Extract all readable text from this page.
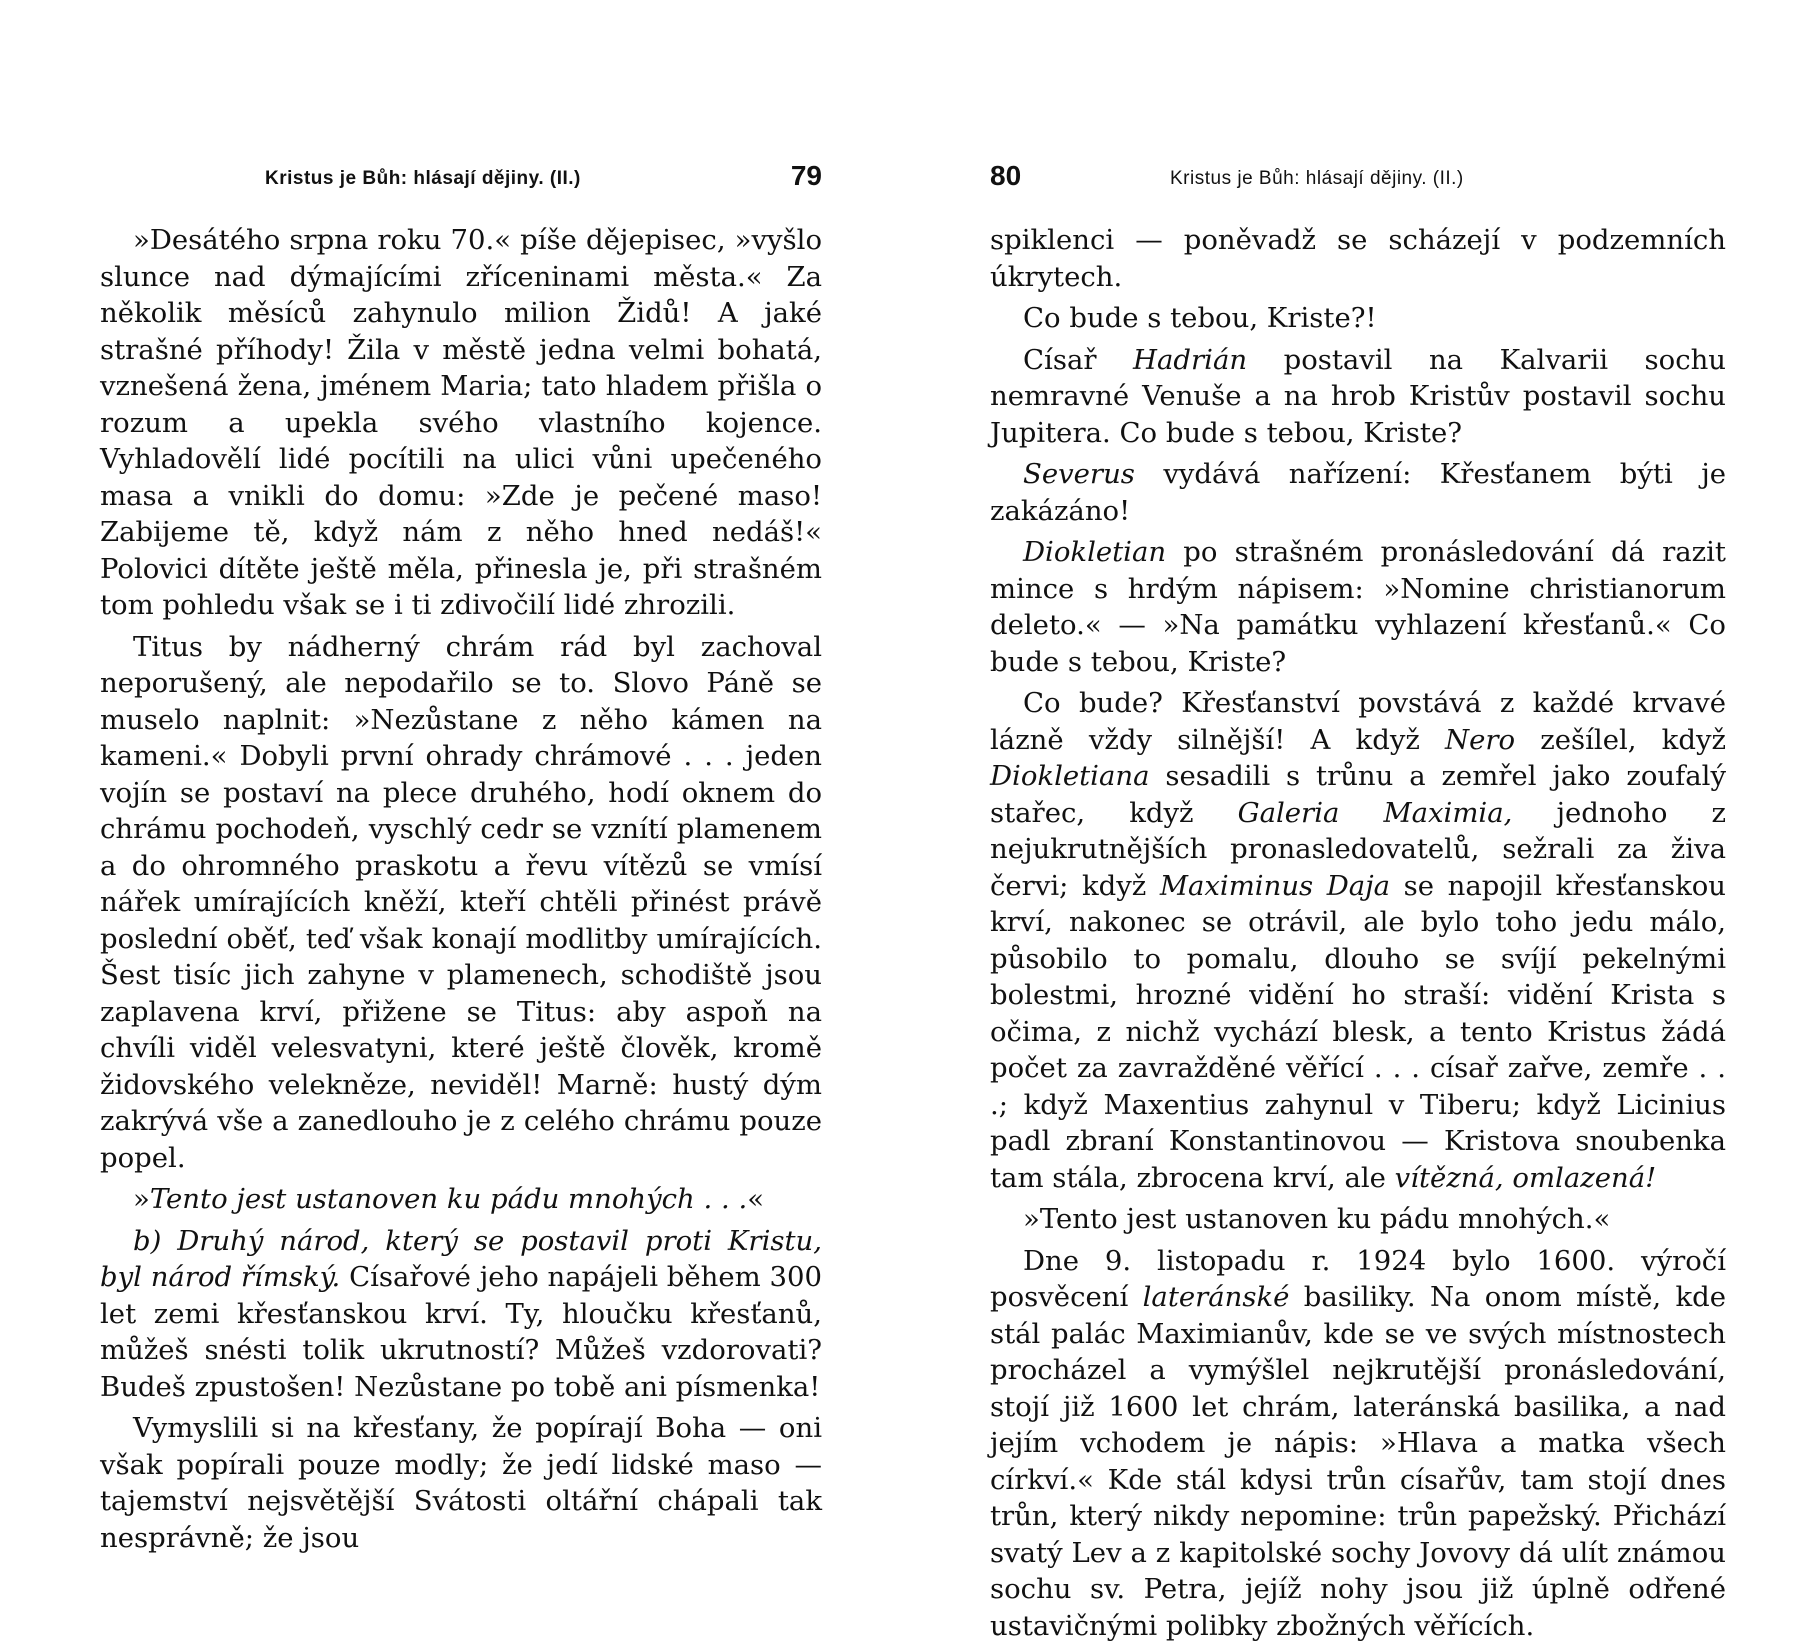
Kristus je Bůh: hlásají dějiny. (II.)	79

»Desátého srpna roku 70.« píše dějepisec, »vyšlo slunce nad dýmajícími zříceninami města.« Za několik měsíců zahynulo milion Židů! A jaké strašné příhody! Žila v městě jedna velmi bohatá, vznešená žena, jménem Maria; tato hladem přišla o rozum a upekla svého vlastního kojence. Vyhladovělí lidé pocítili na ulici vůni upečeného masa a vnikli do domu: »Zde je pečené maso! Zabijeme tě, když nám z něho hned nedáš!« Polovici dítěte ještě měla, přinesla je, při strašném tom pohledu však se i ti zdivočilí lidé zhrozili.

Titus by nádherný chrám rád byl zachoval neporušený, ale nepodařilo se to. Slovo Páně se muselo naplnit: »Nezůstane z něho kámen na kameni.« Dobyli první ohrady chrámové . . . jeden vojín se postaví na plece druhého, hodí oknem do chrámu pochodeň, vyschlý cedr se vznítí plamenem a do ohromného praskotu a řevu vítězů se vmísí nářek umírajících kněží, kteří chtěli přinést právě poslední oběť, teď však konají modlitby umírajících. Šest tisíc jich zahyne v plamenech, schodiště jsou zaplavena krví, přižene se Titus: aby aspoň na chvíli viděl velesvatyni, které ještě člověk, kromě židovského velekněze, neviděl! Marně: hustý dým zakrývá vše a zanedlouho je z celého chrámu pouze popel.

»Tento jest ustanoven ku pádu mnohých . . .«

b) Druhý národ, který se postavil proti Kristu, byl národ římský. Císařové jeho napájeli během 300 let zemi křesťanskou krví. Ty, hloučku křesťanů, můžeš snésti tolik ukrutností? Můžeš vzdorovati? Budeš zpustošen! Nezůstane po tobě ani písmenka!

Vymyslili si na křesťany, že popírají Boha — oni však popírali pouze modly; že jedí lidské maso — tajemství nejsvětější Svátosti oltářní chápali tak nesprávně; že jsou

80	Kristus je Bůh: hlásají dějiny. (II.)

spiklenci — poněvadž se scházejí v podzemních úkrytech.

Co bude s tebou, Kriste?!

Císař Hadrián postavil na Kalvarii sochu nemravné Venuše a na hrob Kristův postavil sochu Jupitera. Co bude s tebou, Kriste?

Severus vydává nařízení: Křesťanem býti je zakázáno!

Diokletian po strašném pronásledování dá razit mince s hrdým nápisem: »Nomine christianorum deleto.« — »Na památku vyhlazení křesťanů.« Co bude s tebou, Kriste?

Co bude? Křesťanství povstává z každé krvavé lázně vždy silnější! A když Nero zešílel, když Diokletiana sesadili s trůnu a zemřel jako zoufalý stařec, když Galeria Maximia, jednoho z nejukrutnějších pronasledovatelů, sežrali za živa červi; když Maximinus Daja se napojil křesťanskou krví, nakonec se otrávil, ale bylo toho jedu málo, působilo to pomalu, dlouho se svíjí pekelnými bolestmi, hrozné vidění ho straší: vidění Krista s očima, z nichž vychází blesk, a tento Kristus žádá počet za zavražděné věřící . . . císař zařve, zemře . . .; když Maxentius zahynul v Tiberu; když Licinius padl zbraní Konstantinovou — Kristova snoubenka tam stála, zbrocena krví, ale vítězná, omlazená!

»Tento jest ustanoven ku pádu mnohých.«

Dne 9. listopadu r. 1924 bylo 1600. výročí posvěcení lateránské basiliky. Na onom místě, kde stál palác Maximianův, kde se ve svých místnostech procházel a vymýšlel nejkrutější pronásledování, stojí již 1600 let chrám, lateránská basilika, a nad jejím vchodem je nápis: »Hlava a matka všech církví.« Kde stál kdysi trůn císařův, tam stojí dnes trůn, který nikdy nepomine: trůn papežský. Přichází svatý Lev a z kapitolské sochy Jovovy dá ulít známou sochu sv. Petra, jejíž nohy jsou již úplně odřené ustavičnými polibky zbožných věřících.
